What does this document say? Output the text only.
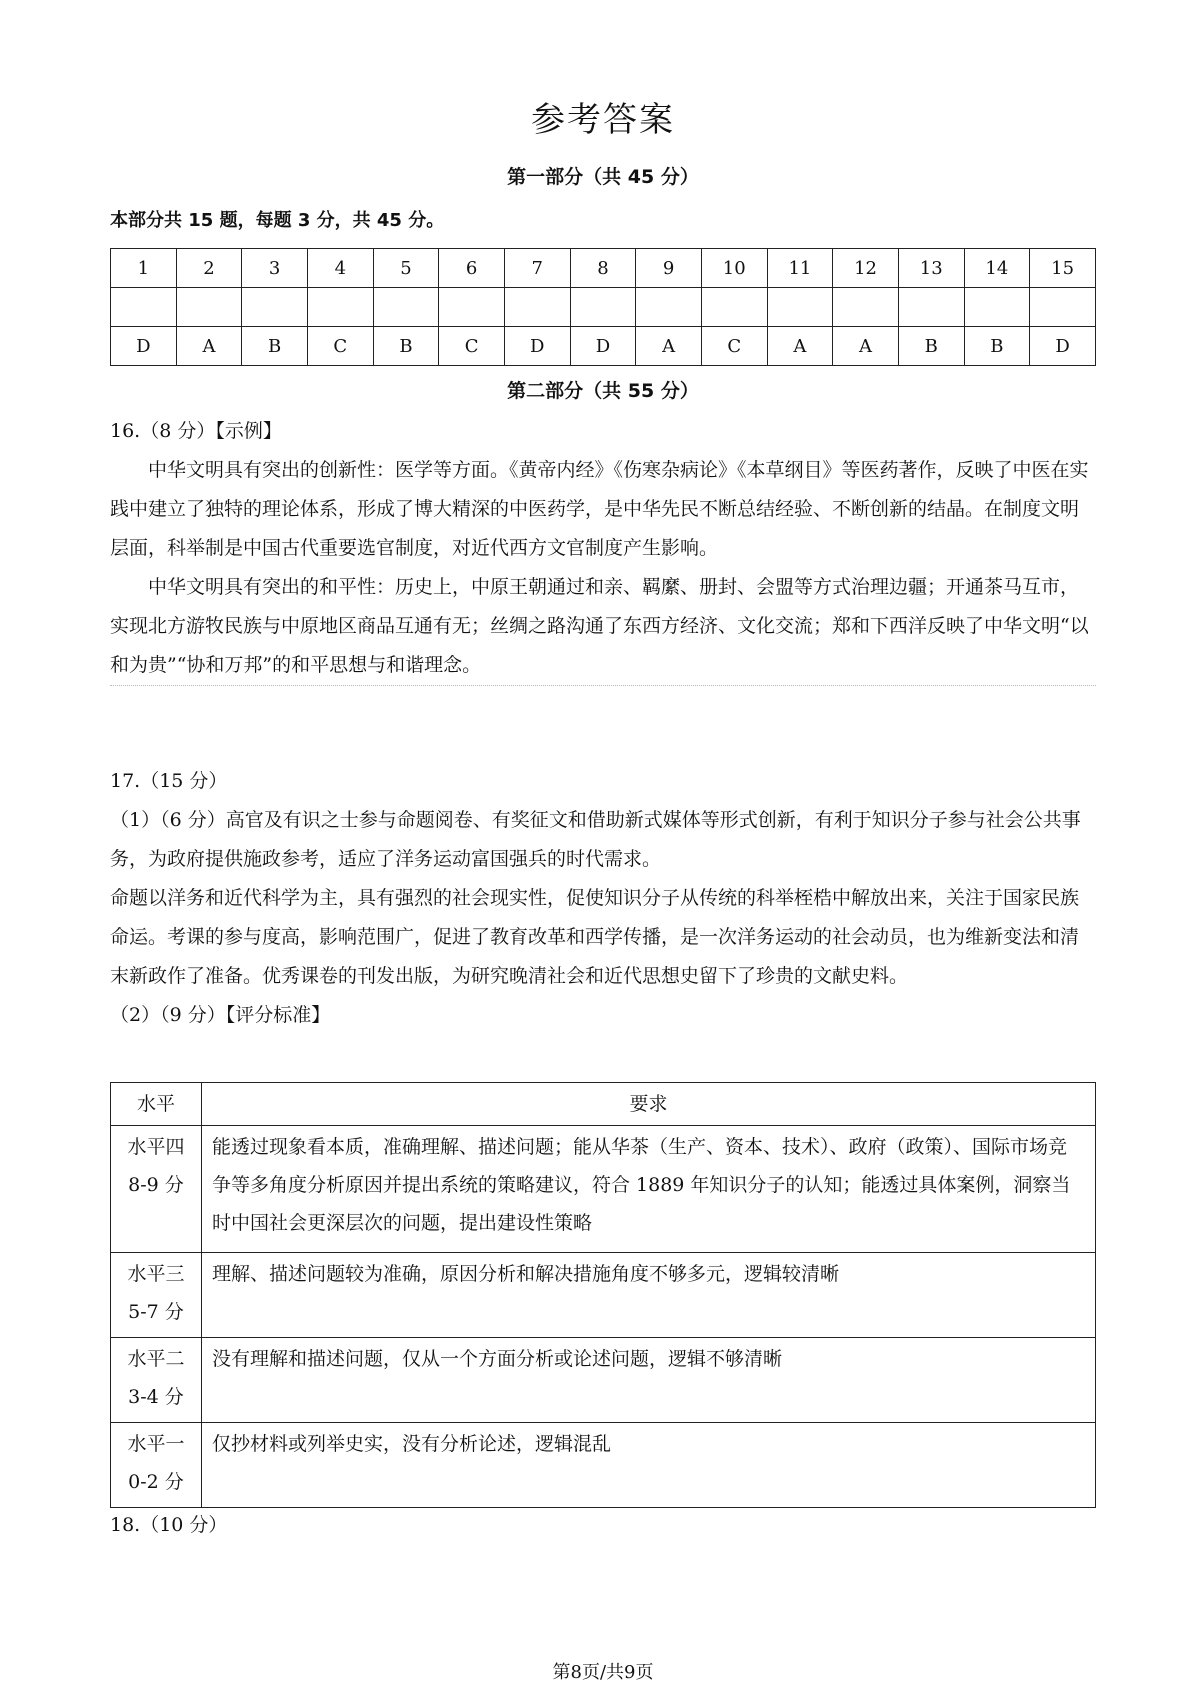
参考答案
第一部分（共 45 分）
本部分共 15 题，每题 3 分，共 45 分。
1	2	3	4	5	6	7	8	9	10	11	12	13	14	15

D	A	B	C	B	C	D	D	A	C	A	A	B	B	D
第二部分（共 55 分）

16.（8 分）【示例】

中华文明具有突出的创新性：医学等方面。《黄帝内经》《伤寒杂病论》《本草纲目》等医药著作，反映了中医在实践中建立了独特的理论体系，形成了博大精深的中医药学，是中华先民不断总结经验、不断创新的结晶。在制度文明层面，科举制是中国古代重要选官制度，对近代西方文官制度产生影响。

中华文明具有突出的和平性：历史上，中原王朝通过和亲、羁縻、册封、会盟等方式治理边疆；开通茶马互市，实现北方游牧民族与中原地区商品互通有无；丝绸之路沟通了东西方经济、文化交流；郑和下西洋反映了中华文明“以和为贵”“协和万邦”的和平思想与和谐理念。

17.（15 分）

（1）（6 分）高官及有识之士参与命题阅卷、有奖征文和借助新式媒体等形式创新，有利于知识分子参与社会公共事务，为政府提供施政参考，适应了洋务运动富国强兵的时代需求。

命题以洋务和近代科学为主，具有强烈的社会现实性，促使知识分子从传统的科举桎梏中解放出来，关注于国家民族命运。考课的参与度高，影响范围广，促进了教育改革和西学传播，是一次洋务运动的社会动员，也为维新变法和清末新政作了准备。优秀课卷的刊发出版，为研究晚清社会和近代思想史留下了珍贵的文献史料。

（2）（9 分）【评分标准】

水平	要求

水平四
8-9 分	能透过现象看本质，准确理解、描述问题；能从华茶（生产、资本、技术）、政府（政策）、国际市场竞争等多角度分析原因并提出系统的策略建议，符合 1889 年知识分子的认知；能透过具体案例，洞察当时中国社会更深层次的问题，提出建设性策略

水平三
5-7 分	理解、描述问题较为准确，原因分析和解决措施角度不够多元，逻辑较清晰

水平二
3-4 分	没有理解和描述问题，仅从一个方面分析或论述问题，逻辑不够清晰

水平一
0-2 分	仅抄材料或列举史实，没有分析论述，逻辑混乱

18.（10 分）

第8页/共9页
